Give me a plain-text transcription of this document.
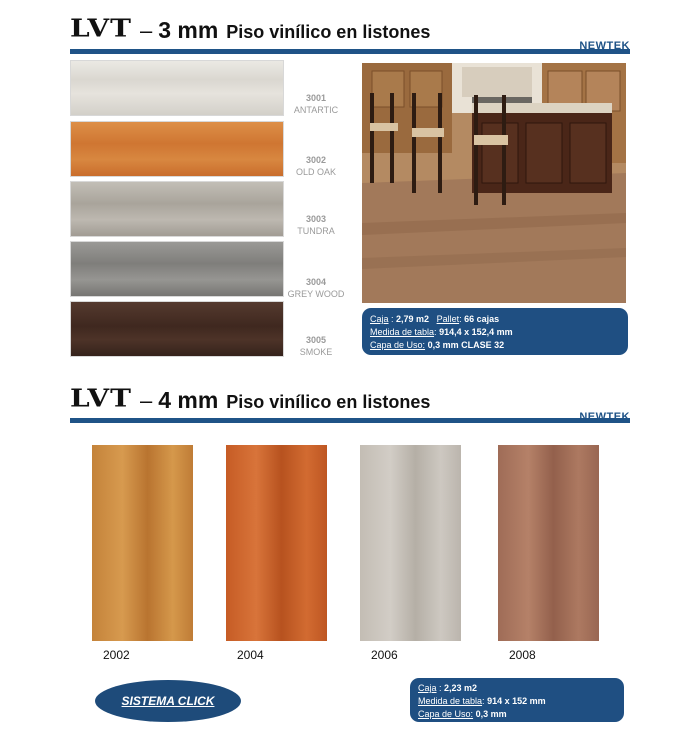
LVT – 3 mm Piso vinílico en listones
NEWTEK
3001
ANTARTIC
3002
OLD OAK
3003
TUNDRA
3004
GREY WOOD
3005
SMOKE
Caja : 2,79 m2 Pallet: 66 cajas
Medida de tabla: 914,4 x 152,4 mm
Capa de Uso: 0,3 mm CLASE 32
LVT – 4 mm Piso vinílico en listones
NEWTEK
2002	2004	2006	2008
SISTEMA CLICK
Caja : 2,23 m2
Medida de tabla: 914 x 152 mm
Capa de Uso: 0,3 mm
